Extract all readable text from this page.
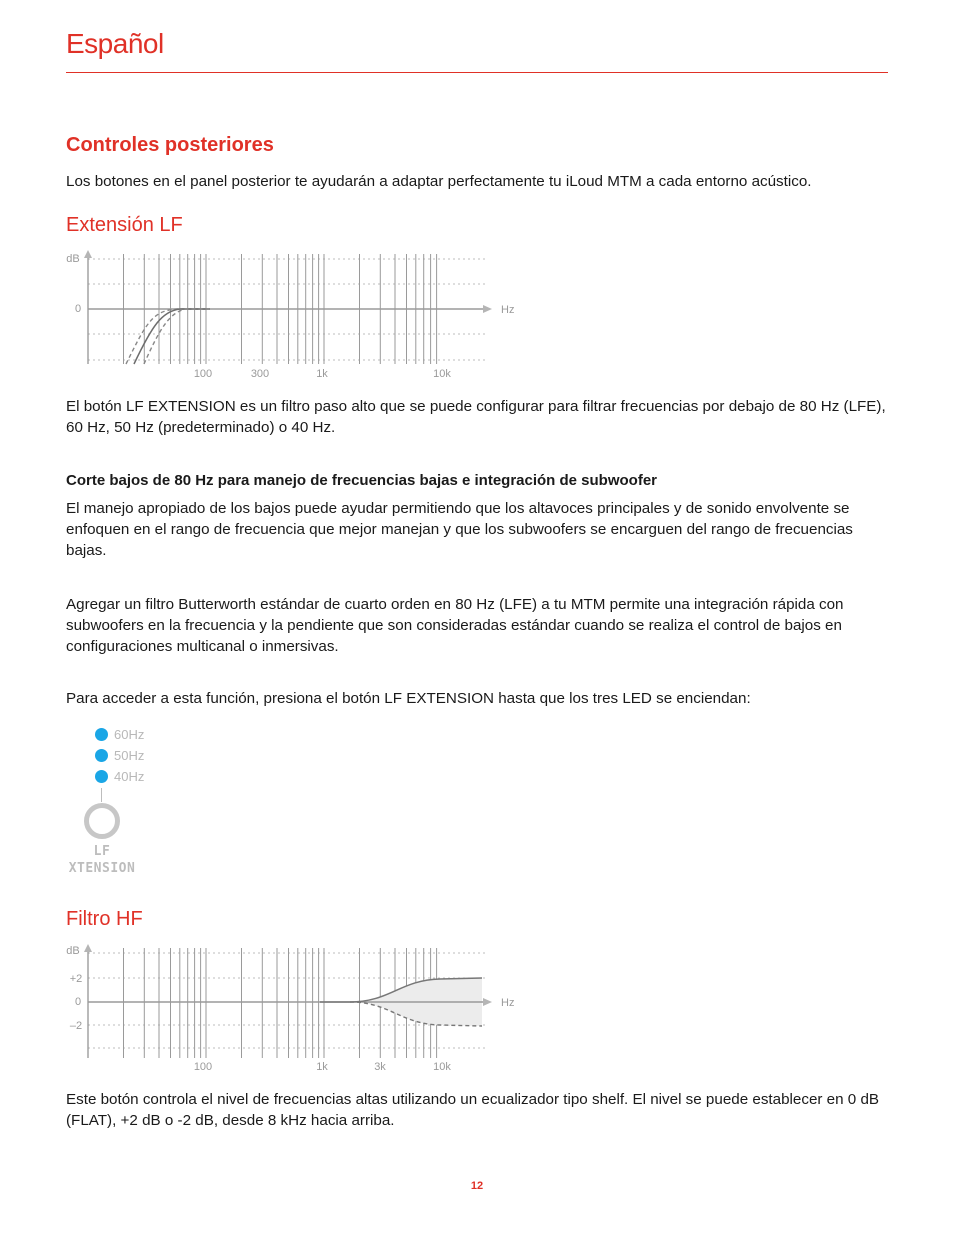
Español
Controles posteriores
Los botones en el panel posterior te ayudarán a adaptar perfectamente tu iLoud MTM a cada entorno acústico.
Extensión LF
dB
0	Hz
100	300	1k	10k
El botón LF EXTENSION es un filtro paso alto que se puede configurar para filtrar frecuencias por debajo de 80 Hz (LFE), 60 Hz, 50 Hz (predeterminado) o 40 Hz.
Corte bajos de 80 Hz para manejo de frecuencias bajas e integración de subwoofer
El manejo apropiado de los bajos puede ayudar permitiendo que los altavoces principales y de sonido envolvente se enfoquen en el rango de frecuencia que mejor manejan y que los subwoofers se encarguen del rango de frecuencias bajas.
Agregar un filtro Butterworth estándar de cuarto orden en 80 Hz (LFE) a tu MTM permite una integración rápida con subwoofers en la frecuencia y la pendiente que son consideradas estándar cuando se realiza el control de bajos en configuraciones multicanal o inmersivas.
Para acceder a esta función, presiona el botón LF EXTENSION hasta que los tres LED se enciendan:
60Hz
50Hz
40Hz
LF
XTENSION
Filtro HF
dB
+2
0
–2
Hz
100	1k	3k	10k
Este botón controla el nivel de frecuencias altas utilizando un ecualizador tipo shelf. El nivel se puede establecer en 0 dB (FLAT), +2 dB o -2 dB, desde 8 kHz hacia arriba.
12
